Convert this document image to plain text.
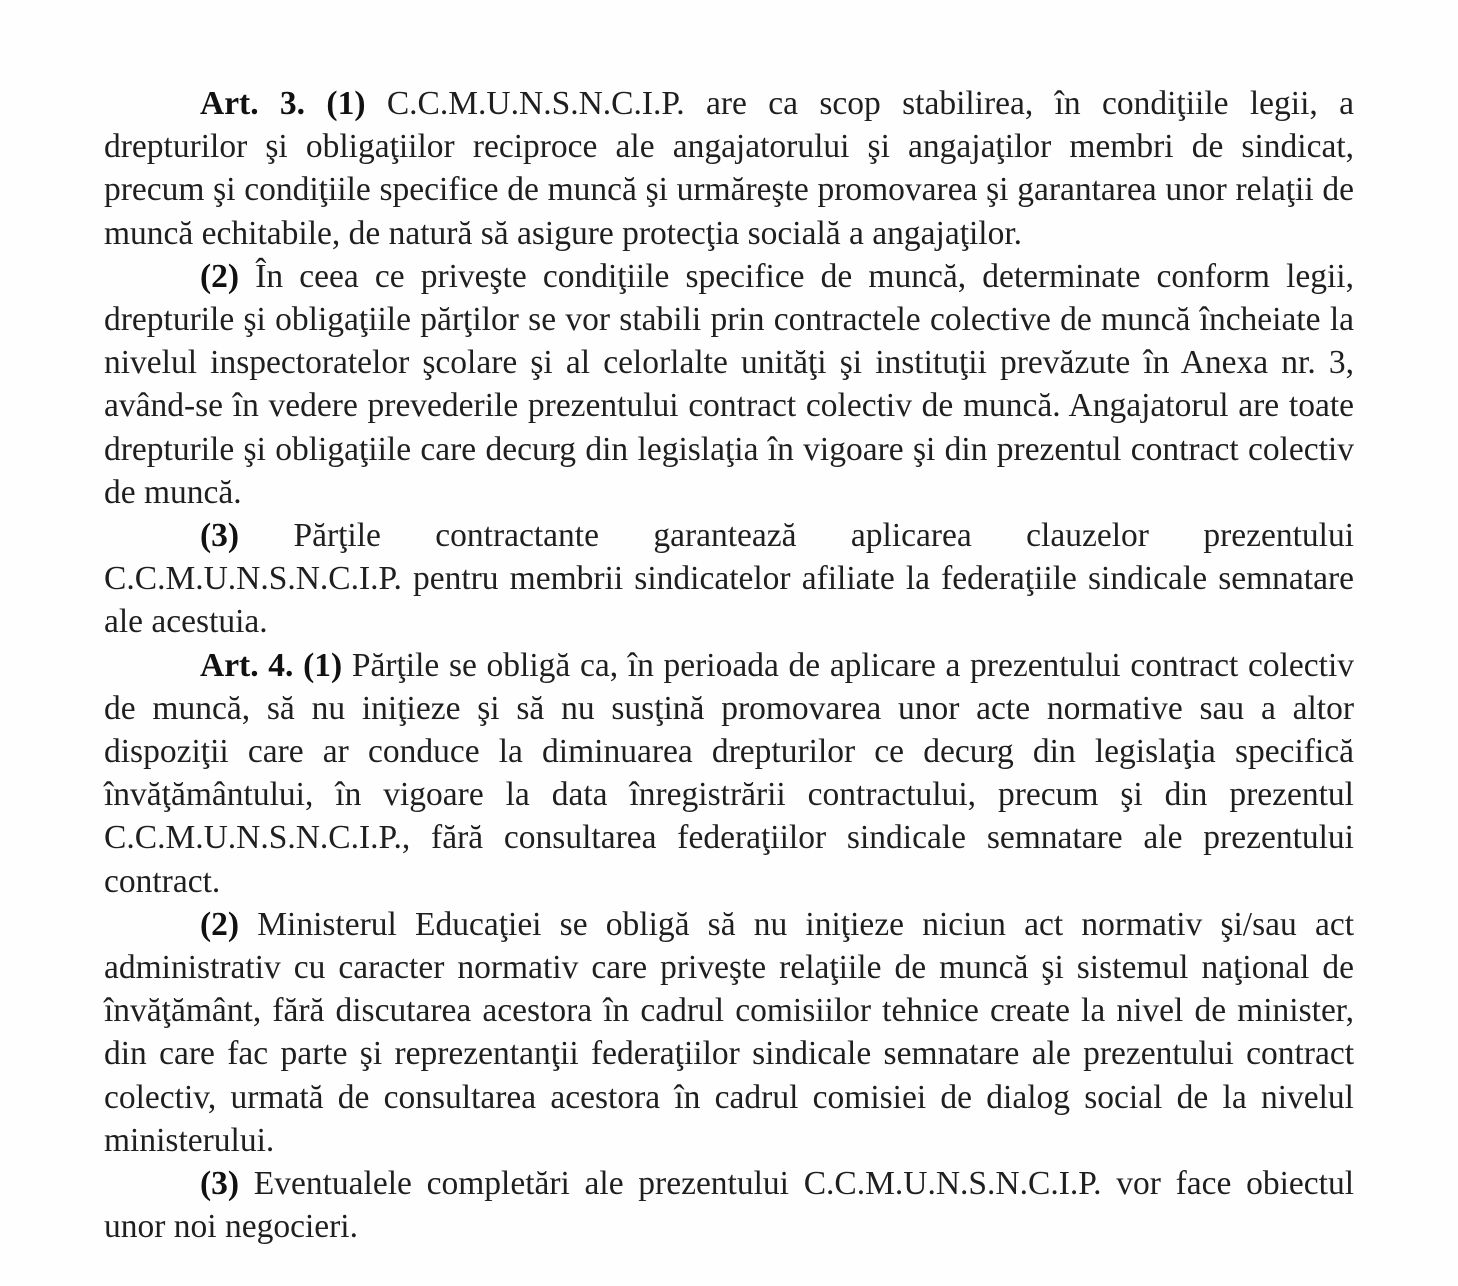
Art. 3. (1) C.C.M.U.N.S.N.C.I.P. are ca scop stabilirea, în condiţiile legii, a drepturilor şi obligaţiilor reciproce ale angajatorului şi angajaţilor membri de sindicat, precum şi condiţiile specifice de muncă şi urmăreşte promovarea şi garantarea unor relaţii de muncă echitabile, de natură să asigure protecţia socială a angajaţilor.

(2) În ceea ce priveşte condiţiile specifice de muncă, determinate conform legii, drepturile şi obligaţiile părţilor se vor stabili prin contractele colective de muncă încheiate la nivelul inspectoratelor şcolare şi al celorlalte unităţi şi instituţii prevăzute în Anexa nr. 3, având-se în vedere prevederile prezentului contract colectiv de muncă. Angajatorul are toate drepturile şi obligaţiile care decurg din legislaţia în vigoare şi din prezentul contract colectiv de muncă.

(3) Părţile contractante garantează aplicarea clauzelor prezentului C.C.M.U.N.S.N.C.I.P. pentru membrii sindicatelor afiliate la federaţiile sindicale semnatare ale acestuia.

Art. 4. (1) Părţile se obligă ca, în perioada de aplicare a prezentului contract colectiv de muncă, să nu iniţieze şi să nu susţină promovarea unor acte normative sau a altor dispoziţii care ar conduce la diminuarea drepturilor ce decurg din legislaţia specifică învăţământului, în vigoare la data înregistrării contractului, precum şi din prezentul C.C.M.U.N.S.N.C.I.P., fără consultarea federaţiilor sindicale semnatare ale prezentului contract.

(2) Ministerul Educaţiei se obligă să nu iniţieze niciun act normativ şi/sau act administrativ cu caracter normativ care priveşte relaţiile de muncă şi sistemul naţional de învăţământ, fără discutarea acestora în cadrul comisiilor tehnice create la nivel de minister, din care fac parte şi reprezentanţii federaţiilor sindicale semnatare ale prezentului contract colectiv, urmată de consultarea acestora în cadrul comisiei de dialog social de la nivelul ministerului.

(3) Eventualele completări ale prezentului C.C.M.U.N.S.N.C.I.P. vor face obiectul unor noi negocieri.
